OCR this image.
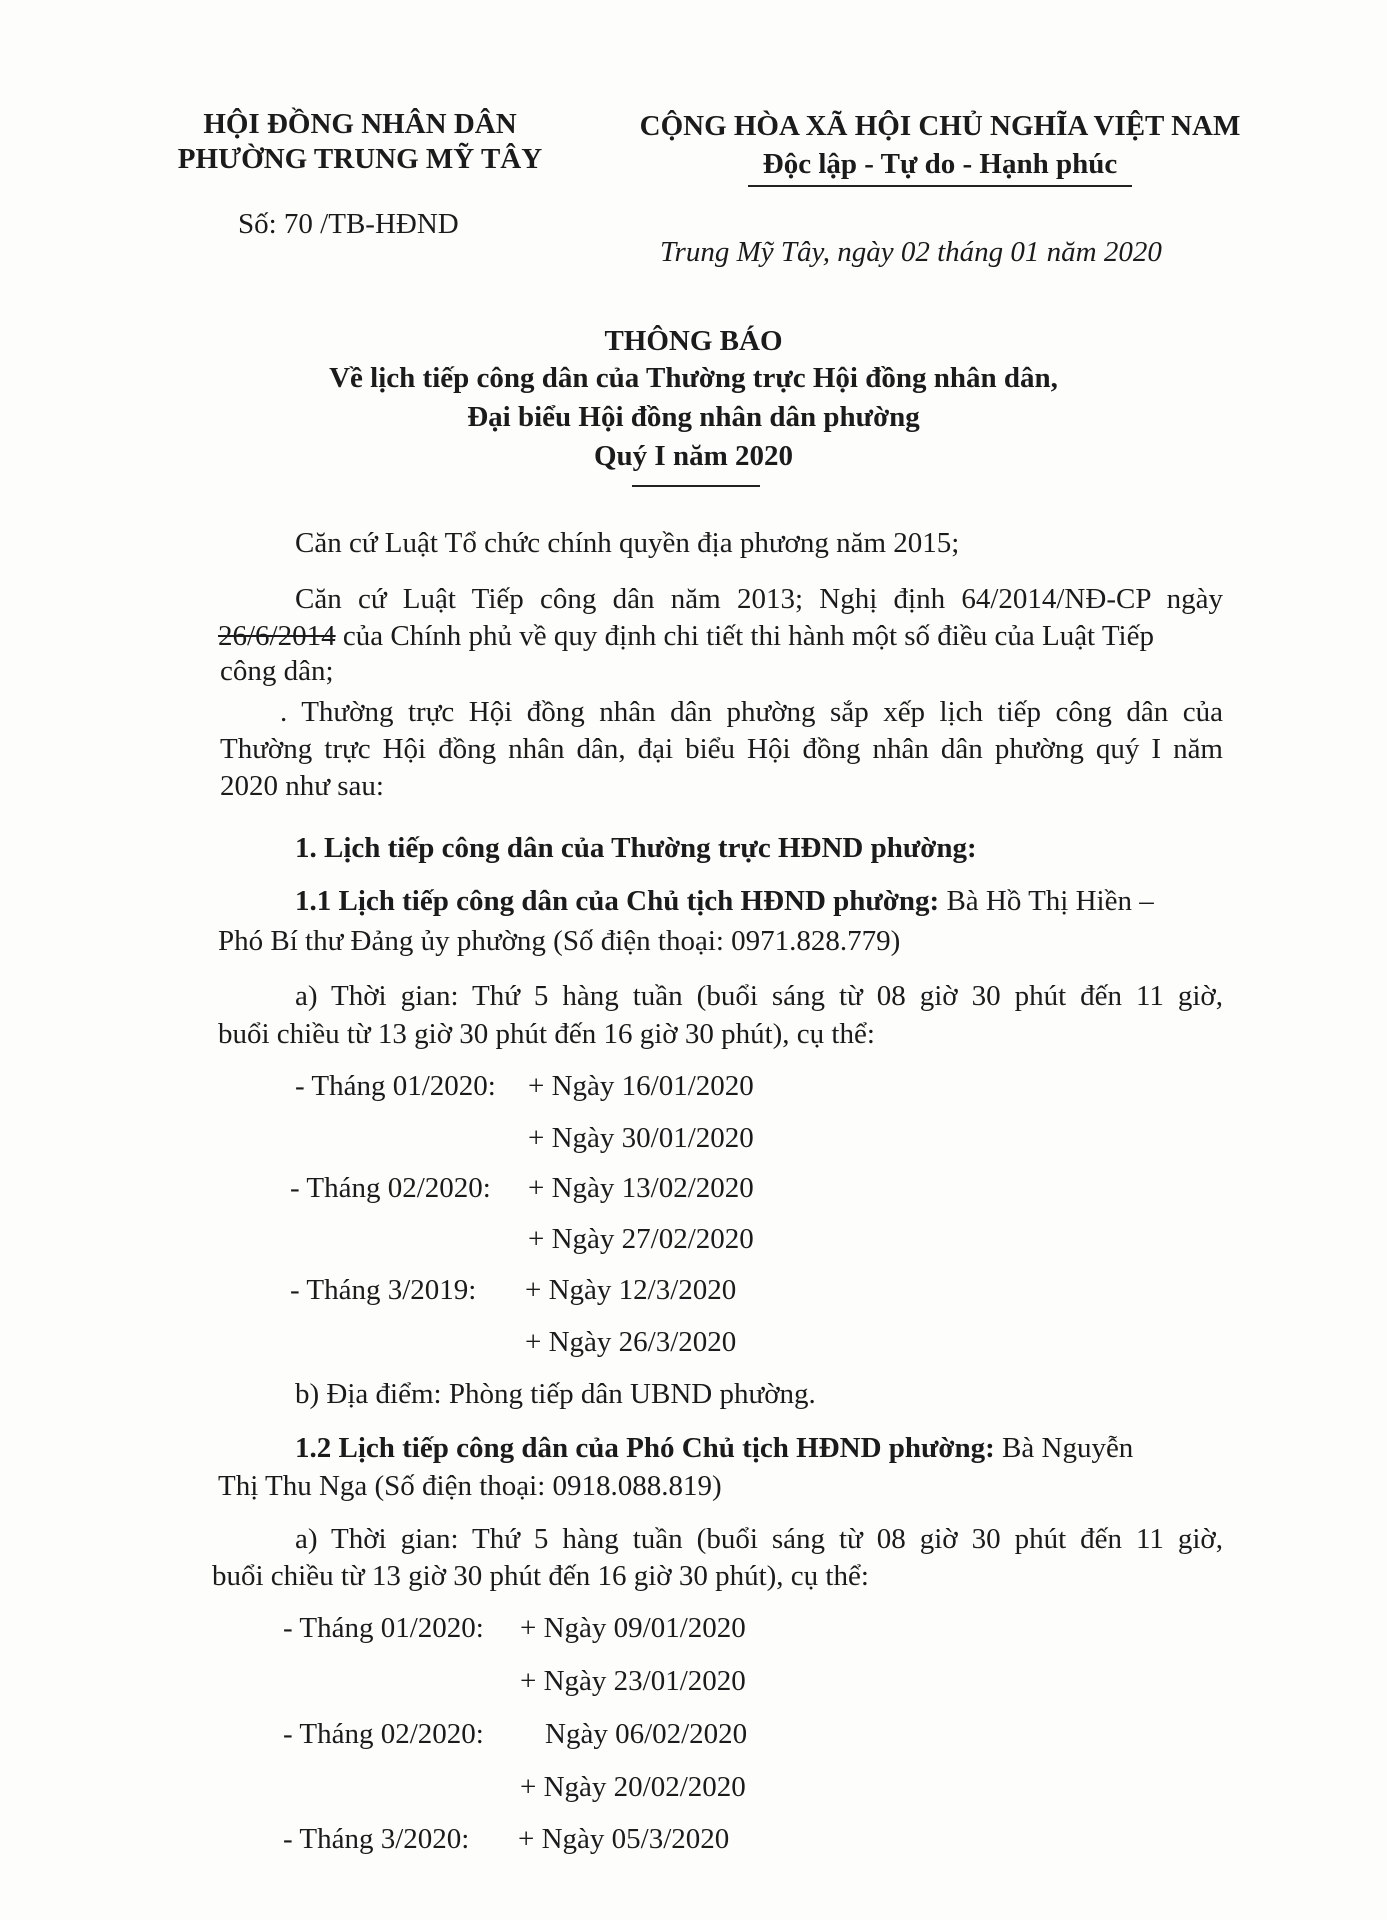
HỘI ĐỒNG NHÂN DÂN
PHƯỜNG TRUNG MỸ TÂY
Số: 70 /TB-HĐND
CỘNG HÒA XÃ HỘI CHỦ NGHĨA VIỆT NAM
Độc lập - Tự do - Hạnh phúc
Trung Mỹ Tây, ngày 02 tháng 01 năm 2020
THÔNG BÁO
Về lịch tiếp công dân của Thường trực Hội đồng nhân dân,
Đại biểu Hội đồng nhân dân phường
Quý I năm 2020
Căn cứ Luật Tổ chức chính quyền địa phương năm 2015;
Căn cứ Luật Tiếp công dân năm 2013; Nghị định 64/2014/NĐ-CP ngày
26/6/2014 của Chính phủ về quy định chi tiết thi hành một số điều của Luật Tiếp
công dân;
. Thường trực Hội đồng nhân dân phường sắp xếp lịch tiếp công dân của
Thường trực Hội đồng nhân dân, đại biểu Hội đồng nhân dân phường quý I năm
2020 như sau:
1. Lịch tiếp công dân của Thường trực HĐND phường:
1.1 Lịch tiếp công dân của Chủ tịch HĐND phường: Bà Hồ Thị Hiền –
Phó Bí thư Đảng ủy phường (Số điện thoại: 0971.828.779)
a) Thời gian: Thứ 5 hàng tuần (buổi sáng từ 08 giờ 30 phút đến 11 giờ,
buổi chiều từ 13 giờ 30 phút đến 16 giờ 30 phút), cụ thể:
- Tháng 01/2020: + Ngày 16/01/2020
+ Ngày 30/01/2020
- Tháng 02/2020: + Ngày 13/02/2020
+ Ngày 27/02/2020
- Tháng 3/2019: + Ngày 12/3/2020
+ Ngày 26/3/2020
b) Địa điểm: Phòng tiếp dân UBND phường.
1.2 Lịch tiếp công dân của Phó Chủ tịch HĐND phường: Bà Nguyễn
Thị Thu Nga (Số điện thoại: 0918.088.819)
a) Thời gian: Thứ 5 hàng tuần (buổi sáng từ 08 giờ 30 phút đến 11 giờ,
buổi chiều từ 13 giờ 30 phút đến 16 giờ 30 phút), cụ thể:
- Tháng 01/2020: + Ngày 09/01/2020
+ Ngày 23/01/2020
- Tháng 02/2020: Ngày 06/02/2020
+ Ngày 20/02/2020
- Tháng 3/2020: + Ngày 05/3/2020
